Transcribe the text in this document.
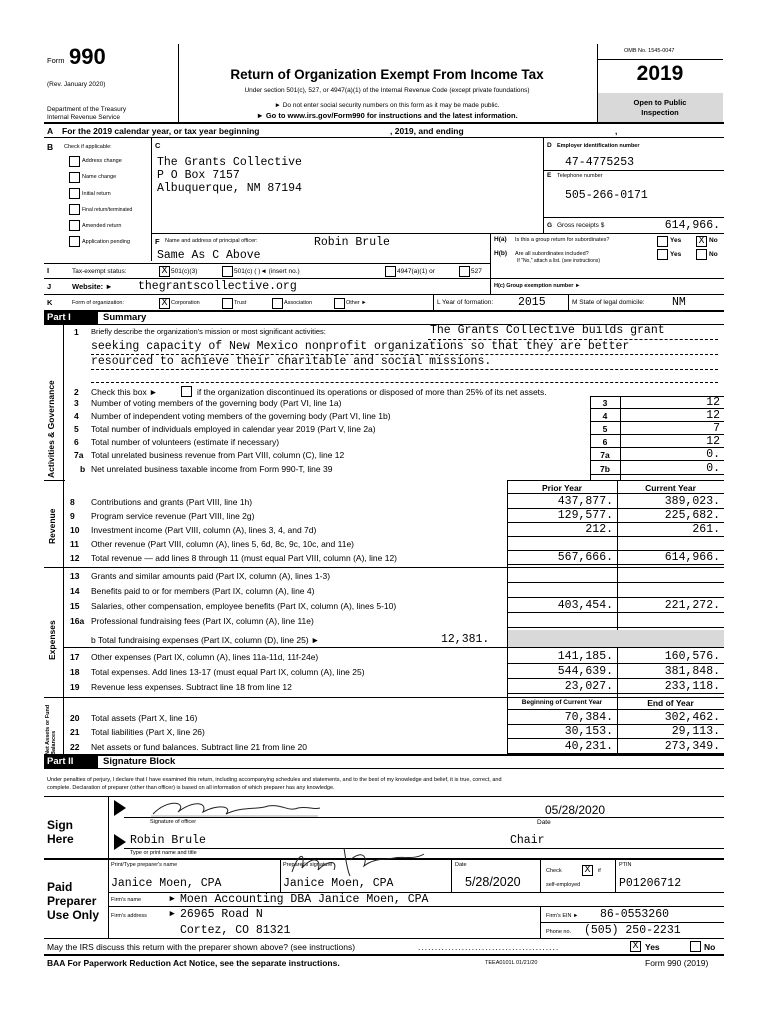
Form 990
(Rev. January 2020)
Department of the Treasury
Internal Revenue Service
Return of Organization Exempt From Income Tax
Under section 501(c), 527, or 4947(a)(1) of the Internal Revenue Code (except private foundations)
► Do not enter social security numbers on this form as it may be made public.
► Go to www.irs.gov/Form990 for instructions and the latest information.
OMB No. 1545-0047
2019
Open to Public
Inspection
A For the 2019 calendar year, or tax year beginning	, 2019, and ending	,
B Check if applicable:
Address change
Name change
Initial return
Final return/terminated
Amended return
Application pending
C
The Grants Collective
P O Box 7157
Albuquerque, NM 87194
D Employer identification number
47-4775253
E Telephone number
505-266-0171
G Gross receipts $	614,966.
F Name and address of principal officer:	Robin Brule
Same As C Above
H(a) Is this a group return for subordinates?	Yes X No
H(b) Are all subordinates included?
If "No," attach a list. (see instructions)
Yes	No
I	Tax-exempt status:	X 501(c)(3)	501(c) ( )◄ (insert no.)	4947(a)(1) or	527
J	Website: ► thegrantscollective.org	H(c) Group exemption number ►
K	Form of organization:	X Corporation	Trust	Association	Other ►	L Year of formation: 2015	M State of legal domicile: NM
Part I	Summary
Activities & Governance
Revenue
Expenses
Net Assets or Fund Balances
1 Briefly describe the organization's mission or most significant activities:	The Grants Collective builds grant
seeking capacity of New Mexico nonprofit organizations so that they are better
resourced to achieve their charitable and social missions.
2 Check this box ►	if the organization discontinued its operations or disposed of more than 25% of its net assets.
3 Number of voting members of the governing body (Part VI, line 1a)	3	12
4 Number of independent voting members of the governing body (Part VI, line 1b)	4	12
5 Total number of individuals employed in calendar year 2019 (Part V, line 2a)	5	7
6 Total number of volunteers (estimate if necessary)	6	12
7a Total unrelated business revenue from Part VIII, column (C), line 12	7a	0.
b Net unrelated business taxable income from Form 990-T, line 39	7b	0.
Prior Year	Current Year
8 Contributions and grants (Part VIII, line 1h)	437,877.	389,023.
9 Program service revenue (Part VIII, line 2g)	129,577.	225,682.
10 Investment income (Part VIII, column (A), lines 3, 4, and 7d)	212.	261.
11 Other revenue (Part VIII, column (A), lines 5, 6d, 8c, 9c, 10c, and 11e)
12 Total revenue — add lines 8 through 11 (must equal Part VIII, column (A), line 12)	567,666.	614,966.
13 Grants and similar amounts paid (Part IX, column (A), lines 1-3)
14 Benefits paid to or for members (Part IX, column (A), line 4)
15 Salaries, other compensation, employee benefits (Part IX, column (A), lines 5-10)	403,454.	221,272.
16a Professional fundraising fees (Part IX, column (A), line 11e)
b Total fundraising expenses (Part IX, column (D), line 25) ►	12,381.
17 Other expenses (Part IX, column (A), lines 11a-11d, 11f-24e)	141,185.	160,576.
18 Total expenses. Add lines 13-17 (must equal Part IX, column (A), line 25)	544,639.	381,848.
19 Revenue less expenses. Subtract line 18 from line 12	23,027.	233,118.
Beginning of Current Year	End of Year
20 Total assets (Part X, line 16)	70,384.	302,462.
21 Total liabilities (Part X, line 26)	30,153.	29,113.
22 Net assets or fund balances. Subtract line 21 from line 20	40,231.	273,349.
Part II	Signature Block
Under penalties of perjury, I declare that I have examined this return, including accompanying schedules and statements, and to the best of my knowledge and belief, it is true, correct, and
complete. Declaration of preparer (other than officer) is based on all information of which preparer has any knowledge.
Sign
Here
Signature of officer
05/28/2020
Date
Robin Brule	Chair
Type or print name and title
Paid
Preparer
Use Only
Print/Type preparer's name	Preparer's signature	Date
Check X	if
self-employed
PTIN
Janice Moen, CPA	Janice Moen, CPA	5/28/2020	P01206712
Firm's name	► Moen Accounting DBA Janice Moen, CPA
Firm's address ► 26965 Road N
Cortez, CO 81321
Firm's EIN ► 86-0553260
Phone no. (505) 250-2231
May the IRS discuss this return with the preparer shown above? (see instructions)	..........................................	X Yes	No
BAA For Paperwork Reduction Act Notice, see the separate instructions.	TEEA0101L 01/21/20	Form 990 (2019)
